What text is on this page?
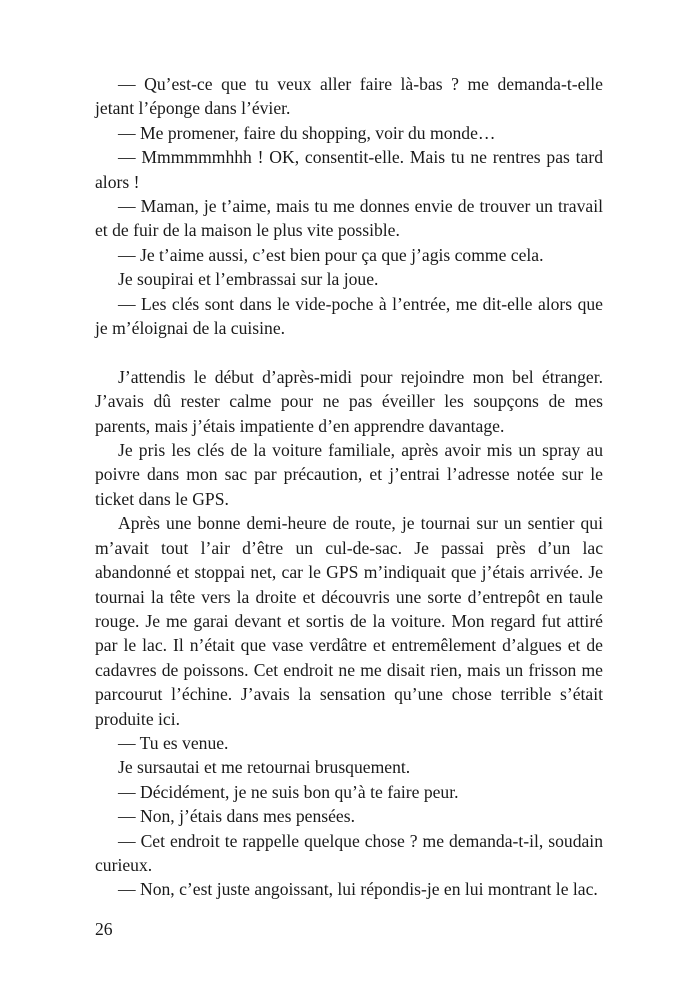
— Qu’est-ce que tu veux aller faire là-bas ? me demanda-t-elle jetant l’éponge dans l’évier.

— Me promener, faire du shopping, voir du monde…

— Mmmmmmhhh ! OK, consentit-elle. Mais tu ne rentres pas tard alors !

— Maman, je t’aime, mais tu me donnes envie de trouver un travail et de fuir de la maison le plus vite possible.

— Je t’aime aussi, c’est bien pour ça que j’agis comme cela.

Je soupirai et l’embrassai sur la joue.

— Les clés sont dans le vide-poche à l’entrée, me dit-elle alors que je m’éloignai de la cuisine.

J’attendis le début d’après-midi pour rejoindre mon bel étranger. J’avais dû rester calme pour ne pas éveiller les soupçons de mes parents, mais j’étais impatiente d’en apprendre davantage.

Je pris les clés de la voiture familiale, après avoir mis un spray au poivre dans mon sac par précaution, et j’entrai l’adresse notée sur le ticket dans le GPS.

Après une bonne demi-heure de route, je tournai sur un sentier qui m’avait tout l’air d’être un cul-de-sac. Je passai près d’un lac abandonné et stoppai net, car le GPS m’indiquait que j’étais arrivée. Je tournai la tête vers la droite et découvris une sorte d’entrepôt en taule rouge. Je me garai devant et sortis de la voiture. Mon regard fut attiré par le lac. Il n’était que vase verdâtre et entremêlement d’algues et de cadavres de poissons. Cet endroit ne me disait rien, mais un frisson me parcourut l’échine. J’avais la sensation qu’une chose terrible s’était produite ici.

— Tu es venue.

Je sursautai et me retournai brusquement.

— Décidément, je ne suis bon qu’à te faire peur.

— Non, j’étais dans mes pensées.

— Cet endroit te rappelle quelque chose ? me demanda-t-il, soudain curieux.

— Non, c’est juste angoissant, lui répondis-je en lui montrant le lac.

26
